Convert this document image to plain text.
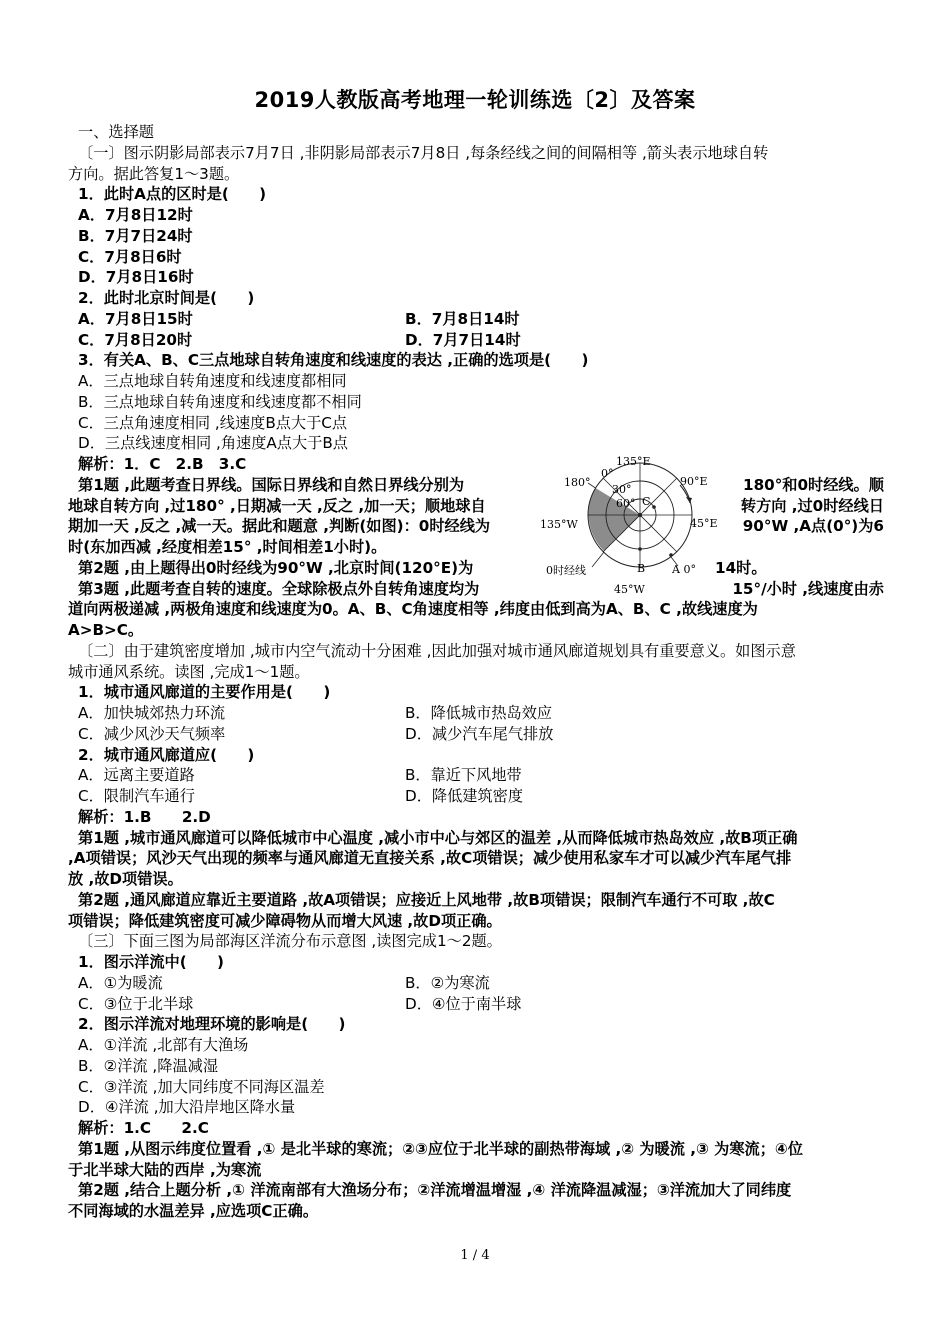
2019人教版高考地理一轮训练选〔2〕及答案
一、选择题
〔一〕图示阴影局部表示7月7日 ,非阴影局部表示7月8日 ,每条经线之间的间隔相等 ,箭头表示地球自转
方向。据此答复1～3题。
1．此时A点的区时是(　　)
A．7月8日12时
B．7月7日24时
C．7月8日6时
D．7月8日16时
2．此时北京时间是(　　)
A．7月8日15时	B．7月8日14时
C．7月8日20时	D．7月7日14时
3．有关A、B、C三点地球自转角速度和线速度的表达 ,正确的选项是(　　)
A．三点地球自转角速度和线速度都相同
B．三点地球自转角速度和线速度都不相同
C．三点角速度相同 ,线速度B点大于C点
D．三点线速度相同 ,角速度A点大于B点
解析：1．C　2.B　3.C
第1题 ,此题考查日界线。国际日界线和自然日界线分别为	180°和0时经线。顺
地球自转方向 ,过180° ,日期减一天 ,反之 ,加一天；顺地球自	转方向 ,过0时经线日
期加一天 ,反之 ,减一天。据此和题意 ,判断(如图)：0时经线为	90°W ,A点(0°)为6
时(东加西减 ,经度相差15° ,时间相差1小时)。
第2题 ,由上题得出0时经线为90°W ,北京时间(120°E)为	14时。
第3题 ,此题考查自转的速度。全球除极点外自转角速度均为	15°/小时 ,线速度由赤
道向两极递减 ,两极角速度和线速度为0。A、B、C角速度相等 ,纬度由低到高为A、B、C ,故线速度为
A>B>C。
〔二〕由于建筑密度增加 ,城市内空气流动十分困难 ,因此加强对城市通风廊道规划具有重要意义。如图示意
城市通风系统。读图 ,完成1～1题。
1．城市通风廊道的主要作用是(　　)
A．加快城郊热力环流	B．降低城市热岛效应
C．减少风沙天气频率	D．减少汽车尾气排放
2．城市通风廊道应(　　)
A．远离主要道路	B．靠近下风地带
C．限制汽车通行	D．降低建筑密度
解析：1.B　　2.D
第1题 ,城市通风廊道可以降低城市中心温度 ,减小市中心与郊区的温差 ,从而降低城市热岛效应 ,故B项正确
,A项错误；风沙天气出现的频率与通风廊道无直接关系 ,故C项错误；减少使用私家车才可以减少汽车尾气排
放 ,故D项错误。
第2题 ,通风廊道应靠近主要道路 ,故A项错误；应接近上风地带 ,故B项错误；限制汽车通行不可取 ,故C
项错误；降低建筑密度可减少障碍物从而增大风速 ,故D项正确。
〔三〕下面三图为局部海区洋流分布示意图 ,读图完成1～2题。
1．图示洋流中(　　)
A．①为暖流	B．②为寒流
C．③位于北半球	D．④位于南半球
2．图示洋流对地理环境的影响是(　　)
A．①洋流 ,北部有大渔场
B．②洋流 ,降温减湿
C．③洋流 ,加大同纬度不同海区温差
D．④洋流 ,加大沿岸地区降水量
解析：1.C　　2.C
第1题 ,从图示纬度位置看 ,① 是北半球的寒流；②③应位于北半球的副热带海域 ,② 为暖流 ,③ 为寒流；④位
于北半球大陆的西岸 ,为寒流
第2题 ,结合上题分析 ,① 洋流南部有大渔场分布；②洋流增温增湿 ,④ 洋流降温减湿；③洋流加大了同纬度
不同海域的水温差异 ,应选项C正确。
135°E
0°
180°	90°E
30°
60° C
135°W	45°E
0时经线	B A 0°
45°W
1 / 4
